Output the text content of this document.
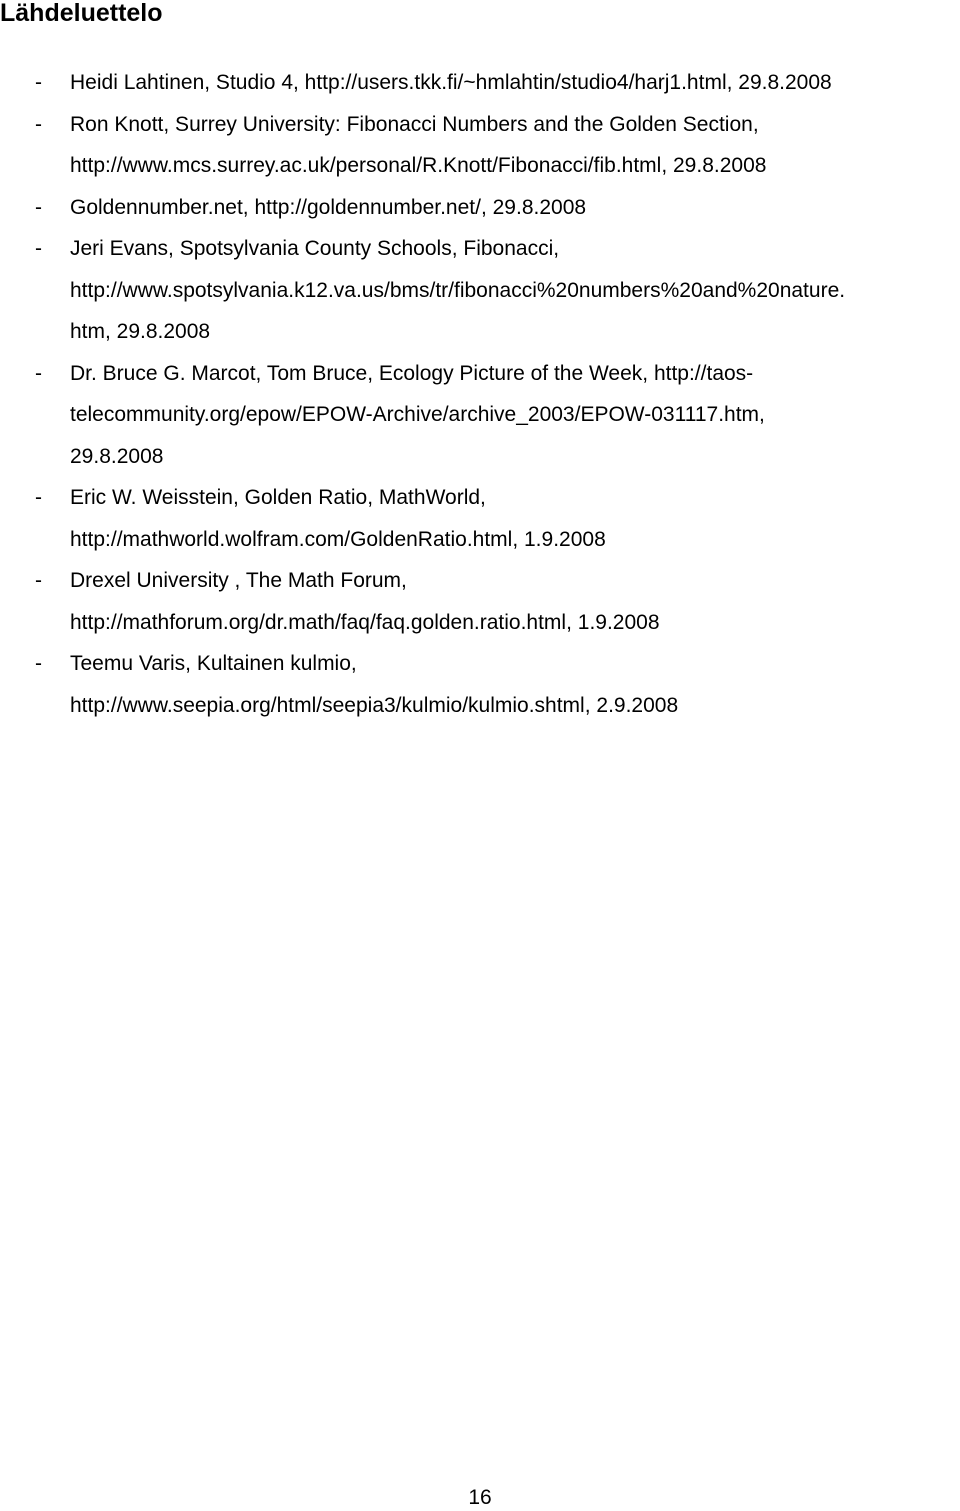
Lähdeluettelo
- Heidi Lahtinen, Studio 4, http://users.tkk.fi/~hmlahtin/studio4/harj1.html, 29.8.2008
- Ron Knott, Surrey University: Fibonacci Numbers and the Golden Section,
http://www.mcs.surrey.ac.uk/personal/R.Knott/Fibonacci/fib.html, 29.8.2008
- Goldennumber.net, http://goldennumber.net/, 29.8.2008
- Jeri Evans, Spotsylvania County Schools, Fibonacci,
http://www.spotsylvania.k12.va.us/bms/tr/fibonacci%20numbers%20and%20nature.
htm, 29.8.2008
- Dr. Bruce G. Marcot, Tom Bruce, Ecology Picture of the Week, http://taos-
telecommunity.org/epow/EPOW-Archive/archive_2003/EPOW-031117.htm,
29.8.2008
- Eric W. Weisstein, Golden Ratio, MathWorld,
http://mathworld.wolfram.com/GoldenRatio.html, 1.9.2008
- Drexel University , The Math Forum,
http://mathforum.org/dr.math/faq/faq.golden.ratio.html, 1.9.2008
- Teemu Varis, Kultainen kulmio,
http://www.seepia.org/html/seepia3/kulmio/kulmio.shtml, 2.9.2008
16
